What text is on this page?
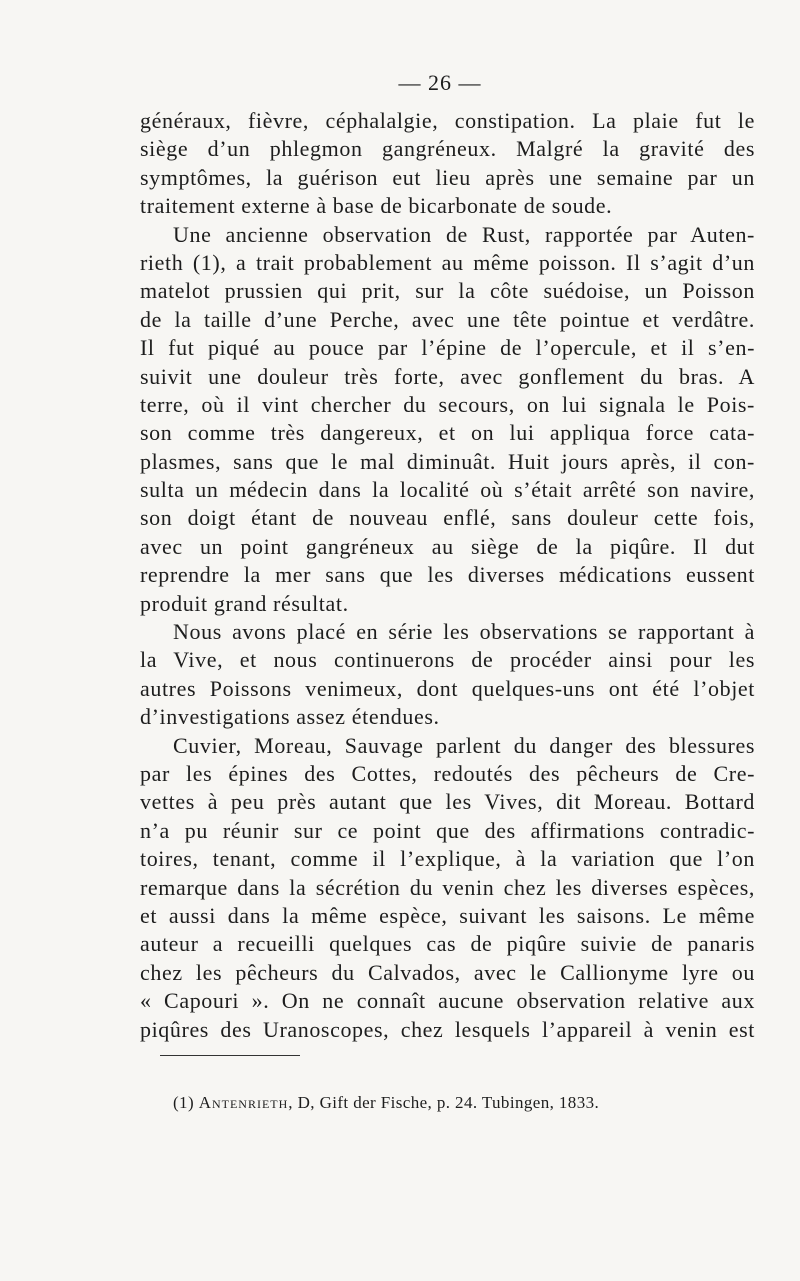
— 26 —
généraux, fièvre, céphalalgie, constipation. La plaie fut le
siège d’un phlegmon gangréneux. Malgré la gravité des
symptômes, la guérison eut lieu après une semaine par un
traitement externe à base de bicarbonate de soude.
Une ancienne observation de Rust, rapportée par Auten-
rieth (1), a trait probablement au même poisson. Il s’agit d’un
matelot prussien qui prit, sur la côte suédoise, un Poisson
de la taille d’une Perche, avec une tête pointue et verdâtre.
Il fut piqué au pouce par l’épine de l’opercule, et il s’en-
suivit une douleur très forte, avec gonflement du bras. A
terre, où il vint chercher du secours, on lui signala le Pois-
son comme très dangereux, et on lui appliqua force cata-
plasmes, sans que le mal diminuât. Huit jours après, il con-
sulta un médecin dans la localité où s’était arrêté son navire,
son doigt étant de nouveau enflé, sans douleur cette fois,
avec un point gangréneux au siège de la piqûre. Il dut
reprendre la mer sans que les diverses médications eussent
produit grand résultat.
Nous avons placé en série les observations se rapportant à
la Vive, et nous continuerons de procéder ainsi pour les
autres Poissons venimeux, dont quelques-uns ont été l’objet
d’investigations assez étendues.
Cuvier, Moreau, Sauvage parlent du danger des blessures
par les épines des Cottes, redoutés des pêcheurs de Cre-
vettes à peu près autant que les Vives, dit Moreau. Bottard
n’a pu réunir sur ce point que des affirmations contradic-
toires, tenant, comme il l’explique, à la variation que l’on
remarque dans la sécrétion du venin chez les diverses espèces,
et aussi dans la même espèce, suivant les saisons. Le même
auteur a recueilli quelques cas de piqûre suivie de panaris
chez les pêcheurs du Calvados, avec le Callionyme lyre ou
« Capouri ». On ne connaît aucune observation relative aux
piqûres des Uranoscopes, chez lesquels l’appareil à venin est
(1) Antenrieth, D, Gift der Fische, p. 24. Tubingen, 1833.
